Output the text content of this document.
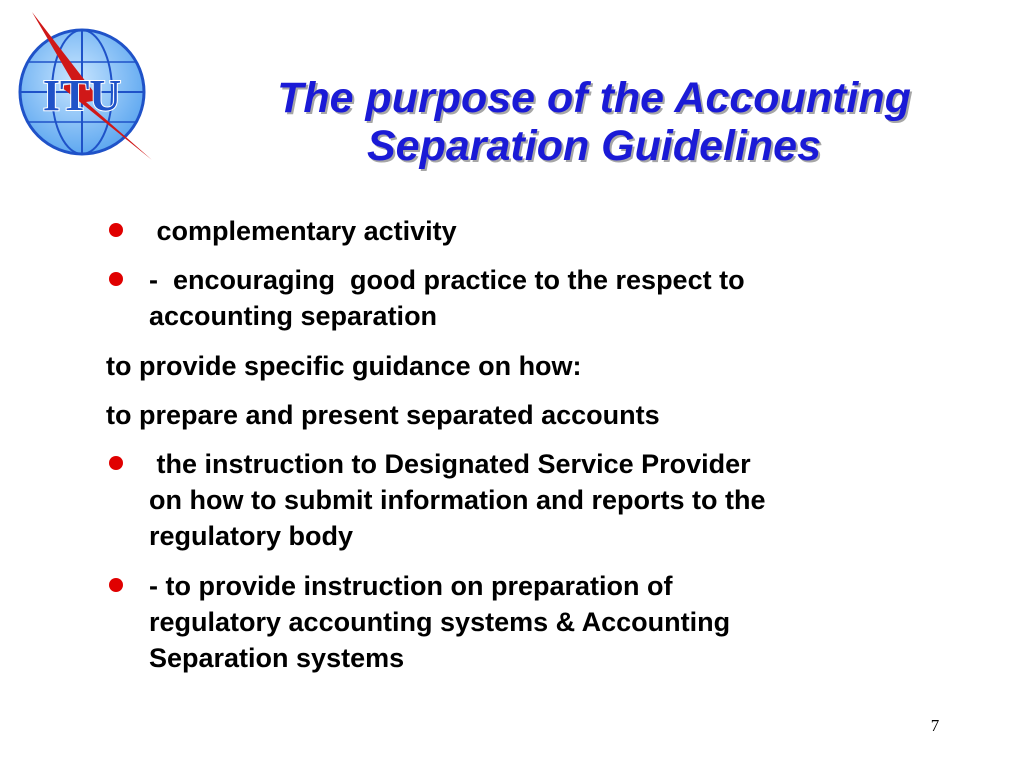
ITU	The purpose of the Accounting
Separation Guidelines
complementary activity
-  encouraging  good practice to the respect to
accounting separation
to provide specific guidance on how:
to prepare and present separated accounts
the instruction to Designated Service Provider
on how to submit information and reports to the
regulatory body
- to provide instruction on preparation of
regulatory accounting systems & Accounting
Separation systems
7
